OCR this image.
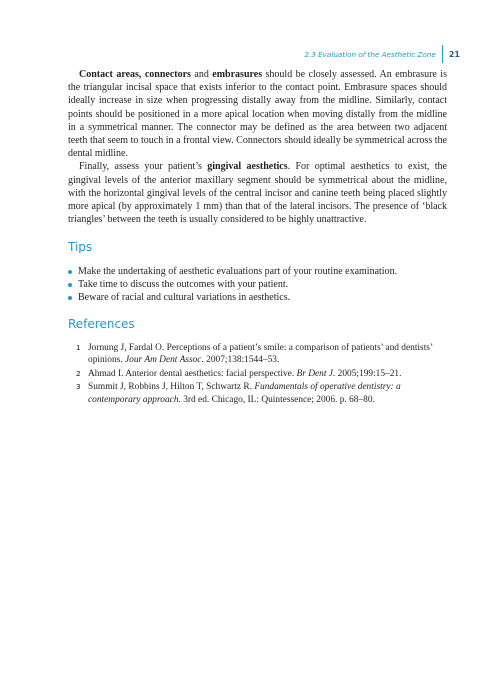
2.3 Evaluation of the Aesthetic Zone	21

Contact areas, connectors and embrasures should be closely assessed. An embrasure is the triangular incisal space that exists inferior to the contact point. Embrasure spaces should ideally increase in size when progressing distally away from the midline. Similarly, contact points should be positioned in a more apical location when moving distally from the midline in a symmetrical manner. The connector may be defined as the area between two adjacent teeth that seem to touch in a frontal view. Connectors should ideally be symmetrical across the dental midline.

Finally, assess your patient’s gingival aesthetics. For optimal aesthetics to exist, the gingival levels of the anterior maxillary segment should be symmetrical about the midline, with the horizontal gingival levels of the central incisor and canine teeth being placed slightly more apical (by approximately 1 mm) than that of the lateral incisors. The presence of ‘black triangles’ between the teeth is usually considered to be highly unattractive.

Tips
Make the undertaking of aesthetic evaluations part of your routine examination.
Take time to discuss the outcomes with your patient.
Beware of racial and cultural variations in aesthetics.
References
1 Jornung J, Fardal O. Perceptions of a patient’s smile: a comparison of patients’ and dentists’ opinions. Jour Am Dent Assoc. 2007;138:1544–53.
2 Ahmad I. Anterior dental aesthetics: facial perspective. Br Dent J. 2005;199:15–21.
3 Summit J, Robbins J, Hilton T, Schwartz R. Fundamentals of operative dentistry: a contemporary approach. 3rd ed. Chicago, IL: Quintessence; 2006. p. 68–80.
